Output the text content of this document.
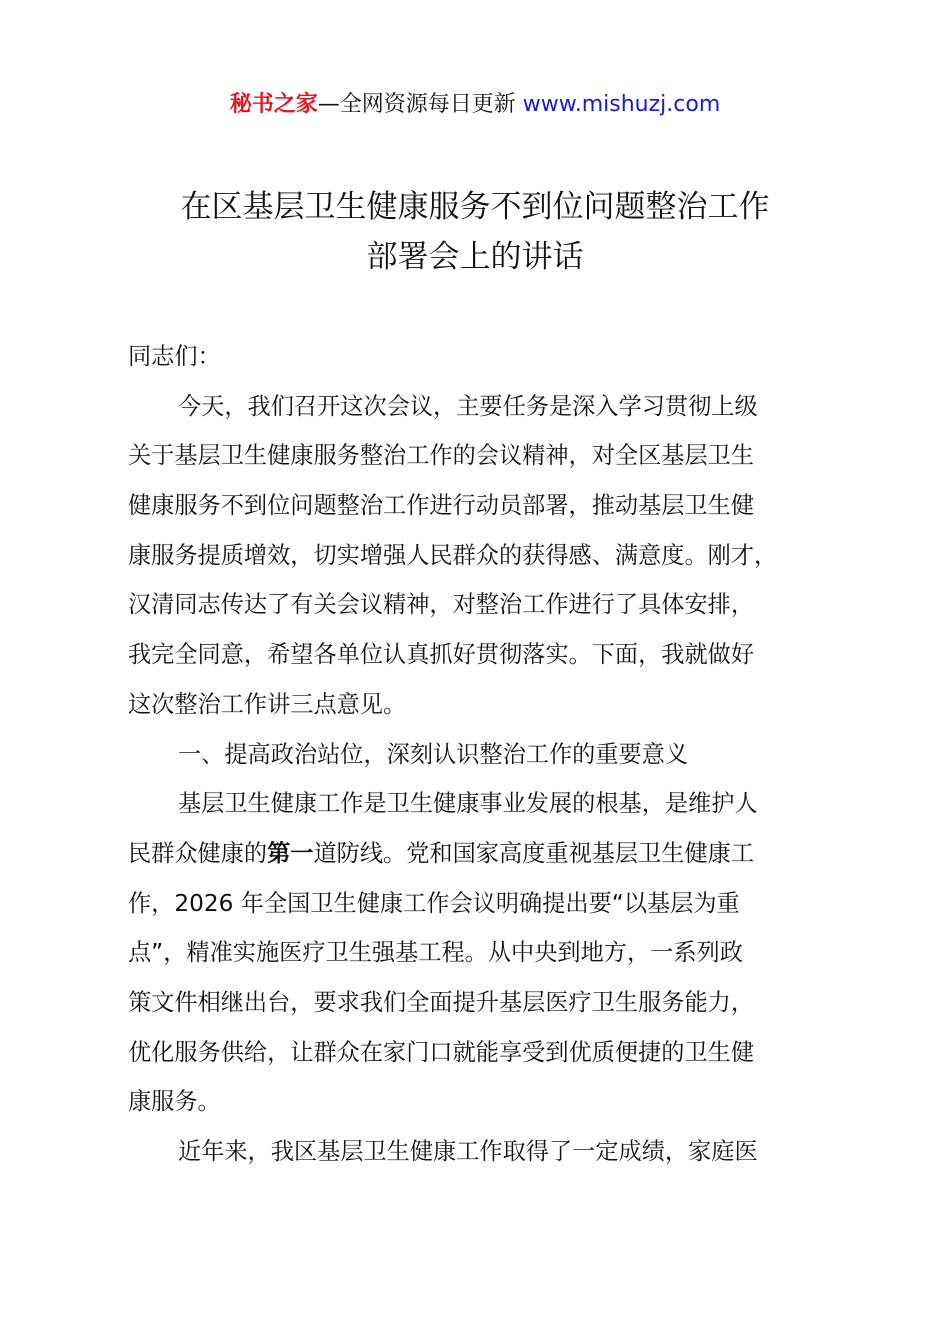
秘书之家—全网资源每日更新 www.mishuzj.com
在区基层卫生健康服务不到位问题整治工作
部署会上的讲话
同志们：
今天，我们召开这次会议，主要任务是深入学习贯彻上级
关于基层卫生健康服务整治工作的会议精神，对全区基层卫生
健康服务不到位问题整治工作进行动员部署，推动基层卫生健
康服务提质增效，切实增强人民群众的获得感、满意度。刚才，
汉清同志传达了有关会议精神，对整治工作进行了具体安排，
我完全同意，希望各单位认真抓好贯彻落实。下面，我就做好
这次整治工作讲三点意见。
一、提高政治站位，深刻认识整治工作的重要意义
基层卫生健康工作是卫生健康事业发展的根基，是维护人
民群众健康的第一道防线。党和国家高度重视基层卫生健康工
作，2026 年全国卫生健康工作会议明确提出要“以基层为重
点”，精准实施医疗卫生强基工程。从中央到地方，一系列政
策文件相继出台，要求我们全面提升基层医疗卫生服务能力，
优化服务供给，让群众在家门口就能享受到优质便捷的卫生健
康服务。
近年来，我区基层卫生健康工作取得了一定成绩，家庭医
